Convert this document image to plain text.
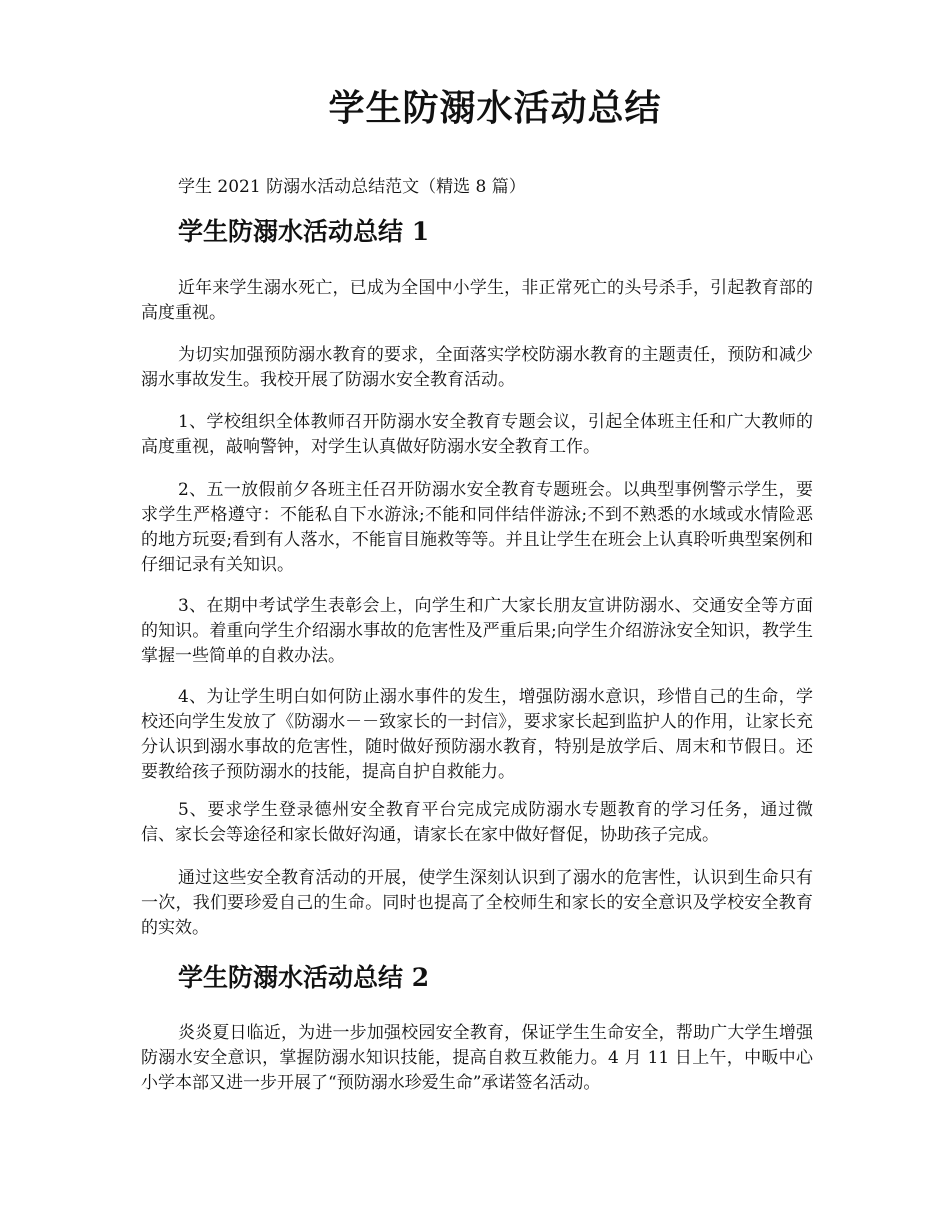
学生防溺水活动总结

学生 2021 防溺水活动总结范文（精选 8 篇）

学生防溺水活动总结 1

近年来学生溺水死亡，已成为全国中小学生，非正常死亡的头号杀手，引起教育部的高度重视。

为切实加强预防溺水教育的要求，全面落实学校防溺水教育的主题责任，预防和减少溺水事故发生。我校开展了防溺水安全教育活动。

1、学校组织全体教师召开防溺水安全教育专题会议，引起全体班主任和广大教师的高度重视，敲响警钟，对学生认真做好防溺水安全教育工作。

2、五一放假前夕各班主任召开防溺水安全教育专题班会。以典型事例警示学生，要求学生严格遵守：不能私自下水游泳;不能和同伴结伴游泳;不到不熟悉的水域或水情险恶的地方玩耍;看到有人落水，不能盲目施救等等。并且让学生在班会上认真聆听典型案例和仔细记录有关知识。

3、在期中考试学生表彰会上，向学生和广大家长朋友宣讲防溺水、交通安全等方面的知识。着重向学生介绍溺水事故的危害性及严重后果;向学生介绍游泳安全知识，教学生掌握一些简单的自救办法。

4、为让学生明白如何防止溺水事件的发生，增强防溺水意识，珍惜自己的生命，学校还向学生发放了《防溺水－－致家长的一封信》，要求家长起到监护人的作用，让家长充分认识到溺水事故的危害性，随时做好预防溺水教育，特别是放学后、周末和节假日。还要教给孩子预防溺水的技能，提高自护自救能力。

5、要求学生登录德州安全教育平台完成完成防溺水专题教育的学习任务，通过微信、家长会等途径和家长做好沟通，请家长在家中做好督促，协助孩子完成。

通过这些安全教育活动的开展，使学生深刻认识到了溺水的危害性，认识到生命只有一次，我们要珍爱自己的生命。同时也提高了全校师生和家长的安全意识及学校安全教育的实效。

学生防溺水活动总结 2

炎炎夏日临近，为进一步加强校园安全教育，保证学生生命安全，帮助广大学生增强防溺水安全意识，掌握防溺水知识技能，提高自救互救能力。4 月 11 日上午，中畈中心小学本部又进一步开展了“预防溺水珍爱生命”承诺签名活动。
